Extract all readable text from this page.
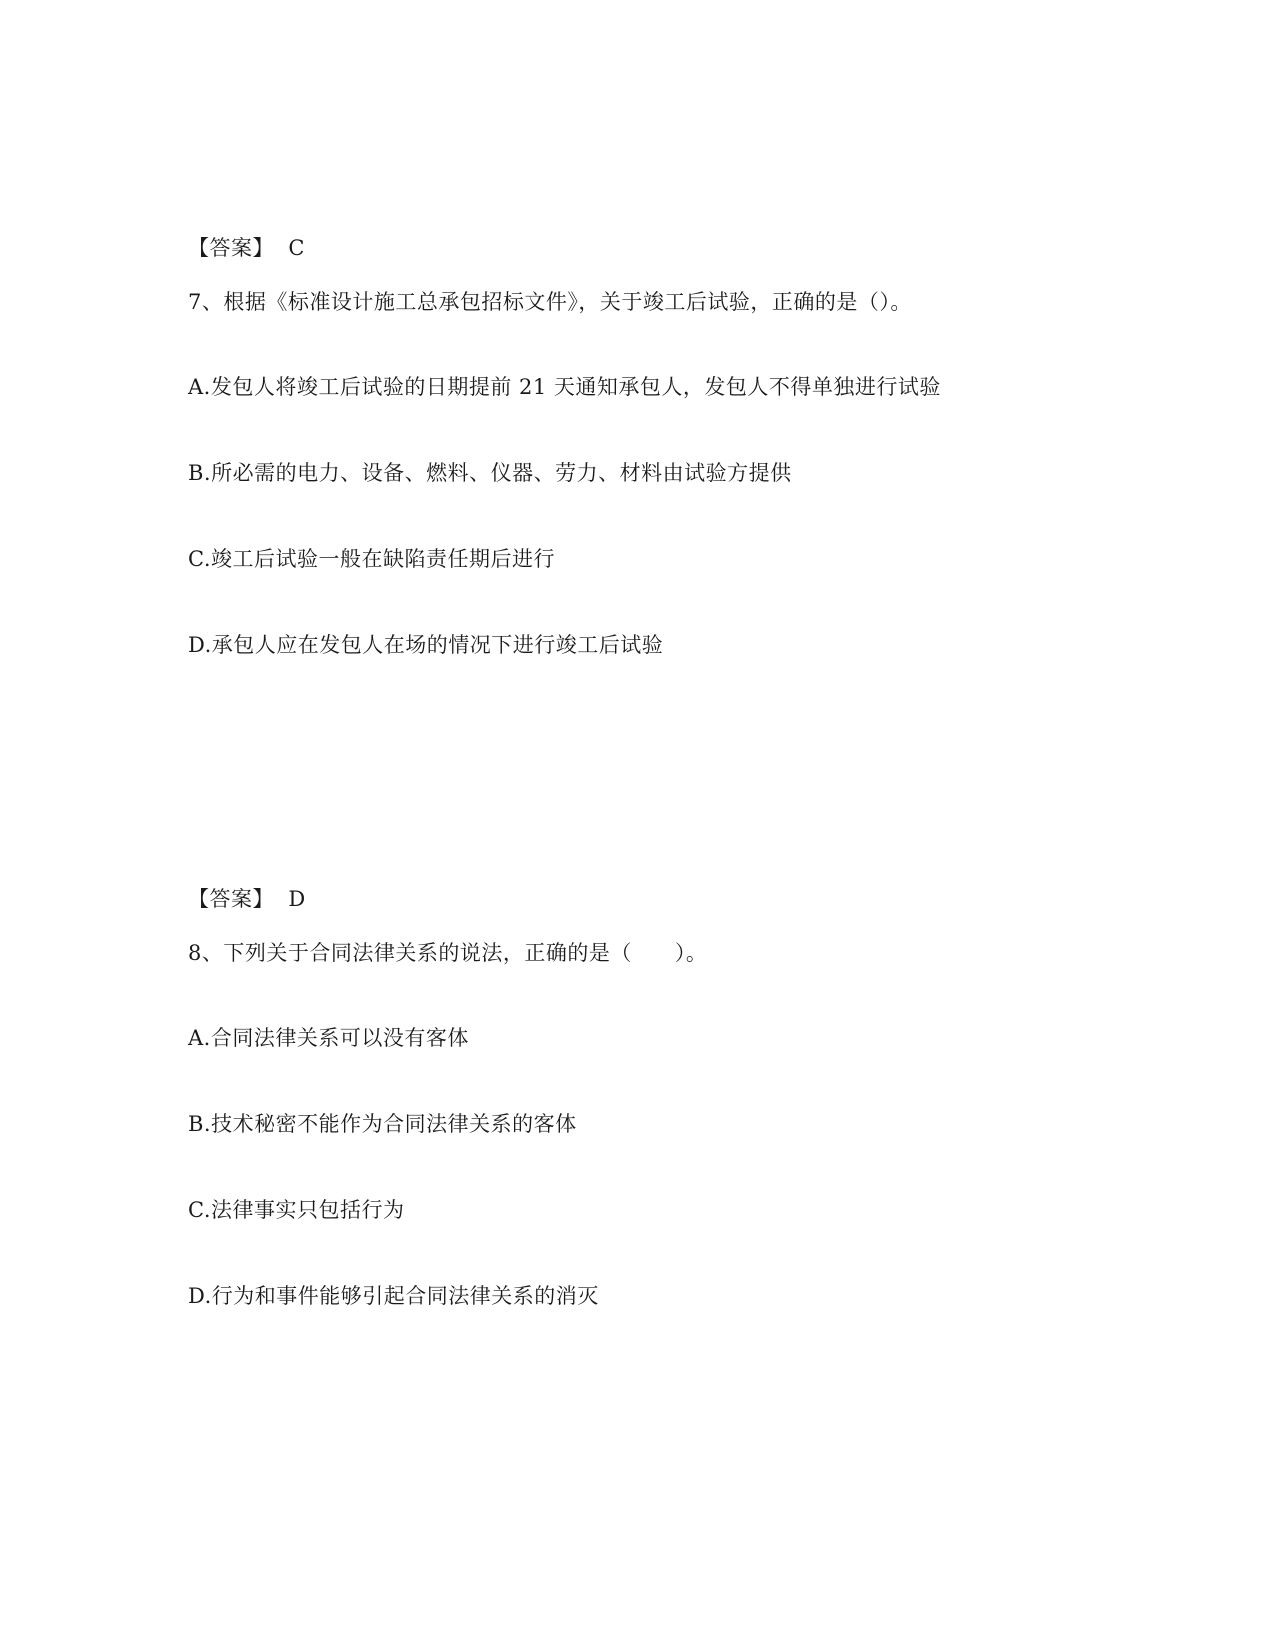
【答案】  C
7、根据《标准设计施工总承包招标文件》，关于竣工后试验，正确的是（）。
A.发包人将竣工后试验的日期提前 21 天通知承包人，发包人不得单独进行试验
B.所必需的电力、设备、燃料、仪器、劳力、材料由试验方提供
C.竣工后试验一般在缺陷责任期后进行
D.承包人应在发包人在场的情况下进行竣工后试验
【答案】  D
8、下列关于合同法律关系的说法，正确的是（　　）。
A.合同法律关系可以没有客体
B.技术秘密不能作为合同法律关系的客体
C.法律事实只包括行为
D.行为和事件能够引起合同法律关系的消灭
